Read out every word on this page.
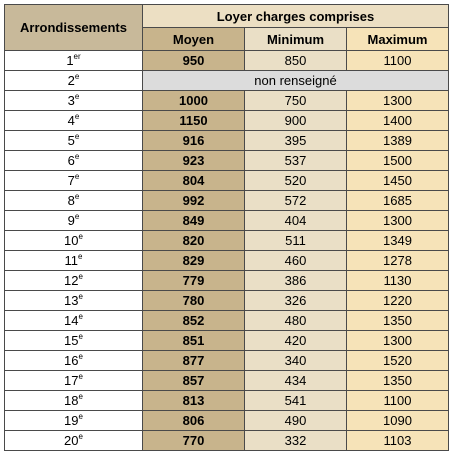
Arrondissements	Loyer charges comprises		
	Moyen	Minimum	Maximum
1er	950	850	1100
2e	non renseigné		
3e	1000	750	1300
4e	1150	900	1400
5e	916	395	1389
6e	923	537	1500
7e	804	520	1450
8e	992	572	1685
9e	849	404	1300
10e	820	511	1349
11e	829	460	1278
12e	779	386	1130
13e	780	326	1220
14e	852	480	1350
15e	851	420	1300
16e	877	340	1520
17e	857	434	1350
18e	813	541	1100
19e	806	490	1090
20e	770	332	1103
